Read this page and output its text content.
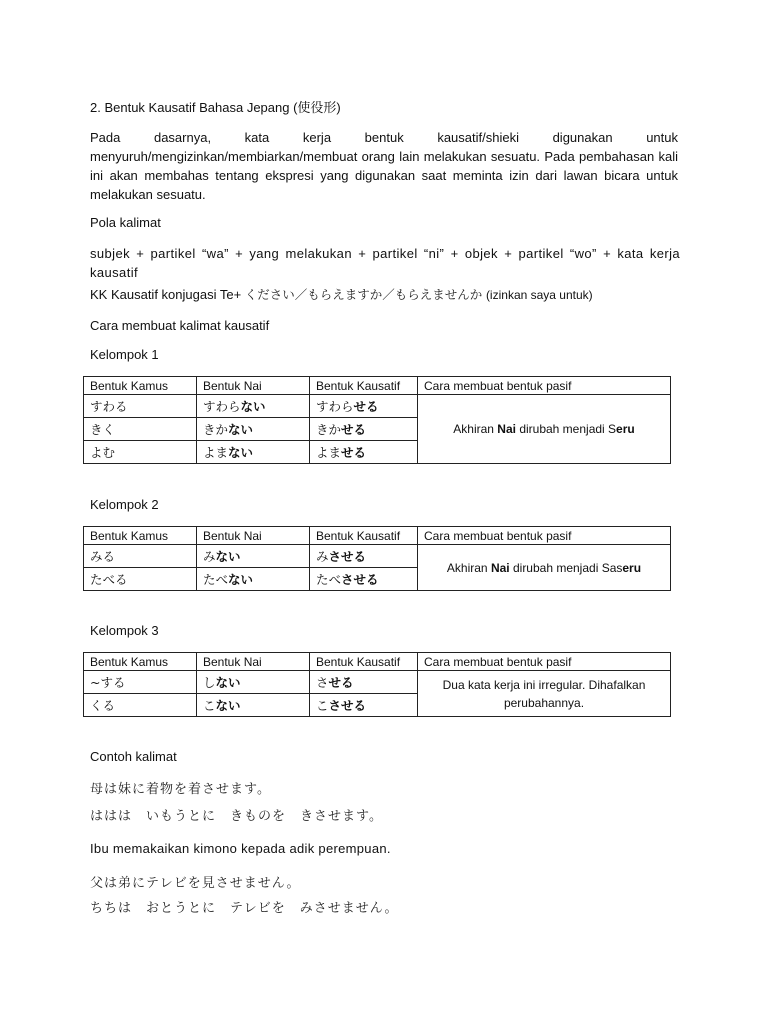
2. Bentuk Kausatif Bahasa Jepang (使役形)
Pada dasarnya, kata kerja bentuk kausatif/shieki digunakan untuk menyuruh/mengizinkan/membiarkan/membuat orang lain melakukan sesuatu. Pada pembahasan kali ini akan membahas tentang ekspresi yang digunakan saat meminta izin dari lawan bicara untuk melakukan sesuatu.
Pola kalimat
subjek + partikel “wa” + yang melakukan + partikel “ni” + objek + partikel “wo” + kata kerja kausatif
KK Kausatif konjugasi Te+ ください／もらえますか／もらえませんか (izinkan saya untuk)
Cara membuat kalimat kausatif
Kelompok 1
Bentuk Kamus	Bentuk Nai	Bentuk Kausatif	Cara membuat bentuk pasif
すわる	すわらない	すわらせる	Akhiran Nai dirubah menjadi Seru
きく	きかない	きかせる	
よむ	よまない	よませる	
Kelompok 2
Bentuk Kamus	Bentuk Nai	Bentuk Kausatif	Cara membuat bentuk pasif
みる	みない	みさせる	Akhiran Nai dirubah menjadi Saseru
たべる	たべない	たべさせる	
Kelompok 3
Bentuk Kamus	Bentuk Nai	Bentuk Kausatif	Cara membuat bentuk pasif
~する	しない	させる	Dua kata kerja ini irregular. Dihafalkan perubahannya.
くる	こない	こさせる	
Contoh kalimat
母は妹に着物を着させます。
ははは　いもうとに　きものを　きさせます。
Ibu memakaikan kimono kepada adik perempuan.
父は弟にテレビを見させません。
ちちは　おとうとに　テレビを　みさせません。
